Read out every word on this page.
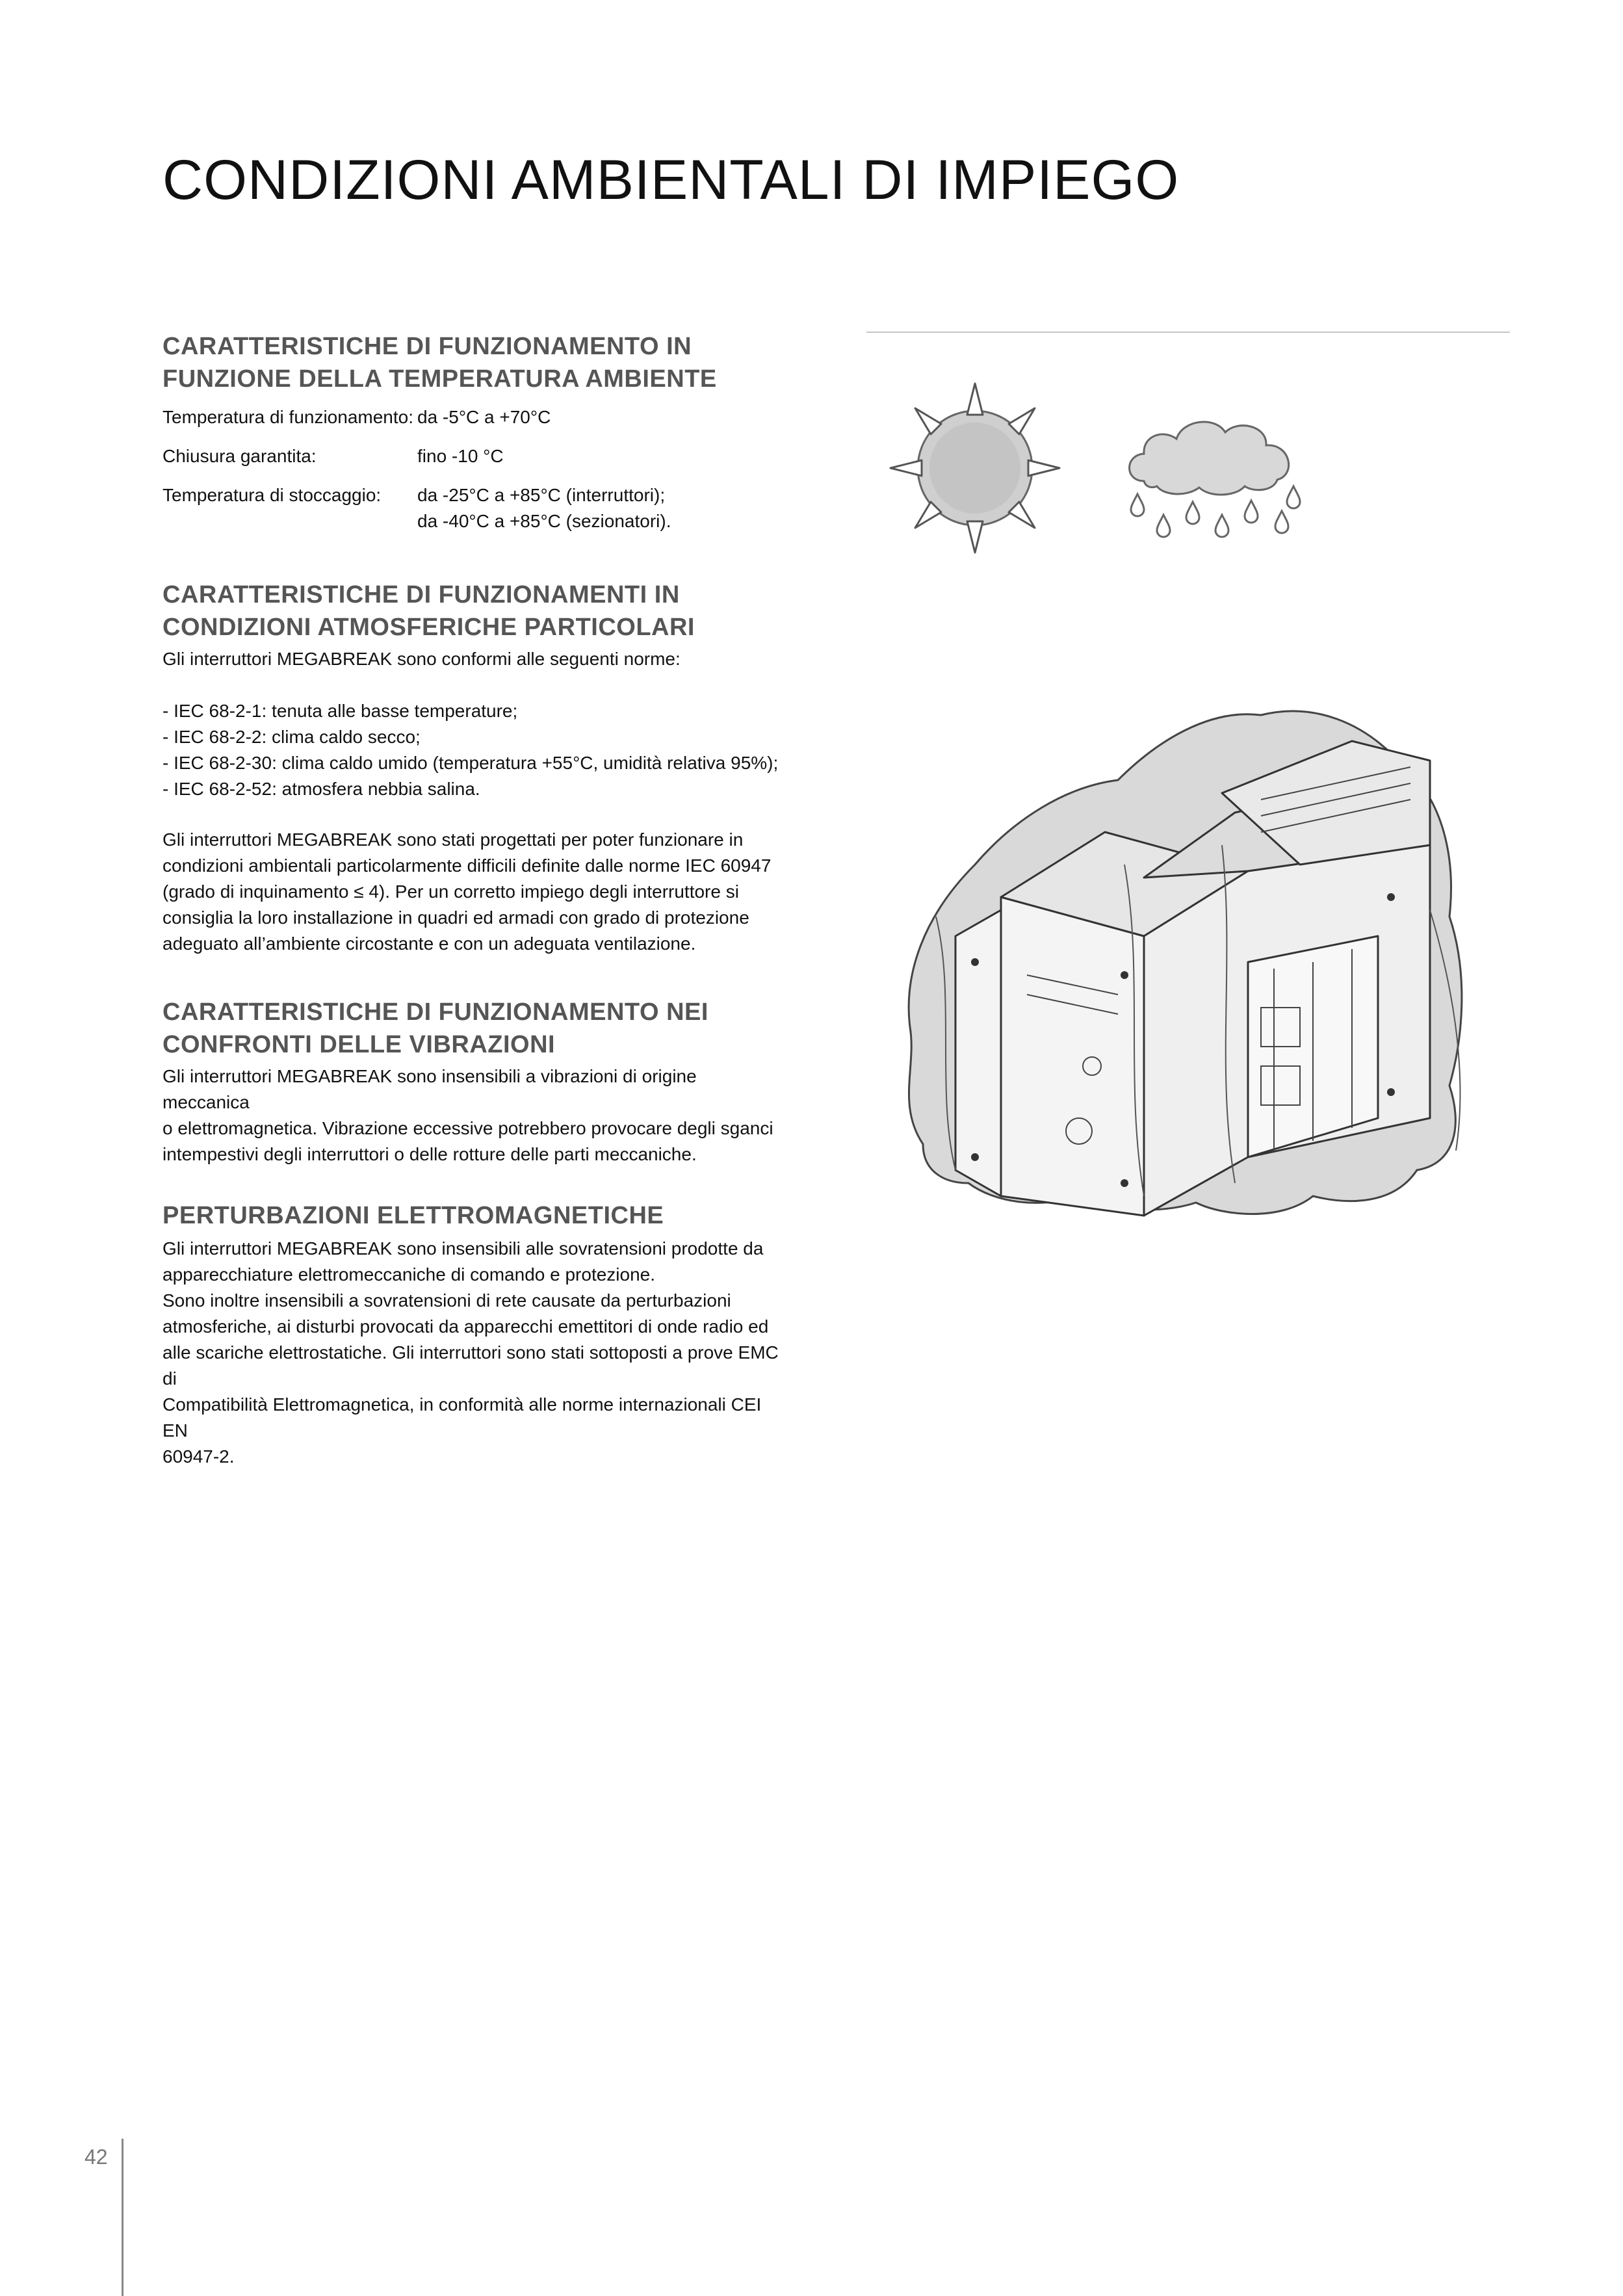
CONDIZIONI AMBIENTALI DI IMPIEGO

CARATTERISTICHE DI FUNZIONAMENTO IN

FUNZIONE DELLA TEMPERATURA AMBIENTE

Temperatura di funzionamento: da -5°C a +70°C
Chiusura garantita:	fino -10 °C
Temperatura di stoccaggio: da -25°C a +85°C (interruttori);
da -40°C a +85°C (sezionatori).

CARATTERISTICHE DI FUNZIONAMENTI IN

CONDIZIONI ATMOSFERICHE PARTICOLARI

Gli interruttori MEGABREAK sono conformi alle seguenti norme:

- IEC 68-2-1: tenuta alle basse temperature;

- IEC 68-2-2: clima caldo secco;

- IEC 68-2-30: clima caldo umido (temperatura +55°C, umidità relativa 95%);

- IEC 68-2-52: atmosfera nebbia salina.

Gli interruttori MEGABREAK sono stati progettati per poter funzionare in

condizioni ambientali particolarmente difficili definite dalle norme IEC 60947

(grado di inquinamento ≤ 4). Per un corretto impiego degli interruttore si

consiglia la loro installazione in quadri ed armadi con grado di protezione

adeguato all’ambiente circostante e con un adeguata ventilazione.

CARATTERISTICHE DI FUNZIONAMENTO NEI

CONFRONTI DELLE VIBRAZIONI

Gli interruttori MEGABREAK sono insensibili a vibrazioni di origine meccanica

o elettromagnetica. Vibrazione eccessive potrebbero provocare degli sganci

intempestivi degli interruttori o delle rotture delle parti meccaniche.

PERTURBAZIONI ELETTROMAGNETICHE

Gli interruttori MEGABREAK sono insensibili alle sovratensioni prodotte da

apparecchiature elettromeccaniche di comando e protezione.

Sono inoltre insensibili a sovratensioni di rete causate da perturbazioni

atmosferiche, ai disturbi provocati da apparecchi emettitori di onde radio ed

alle scariche elettrostatiche. Gli interruttori sono stati sottoposti a prove EMC di

Compatibilità Elettromagnetica, in conformità alle norme internazionali CEI EN

60947-2.

42
